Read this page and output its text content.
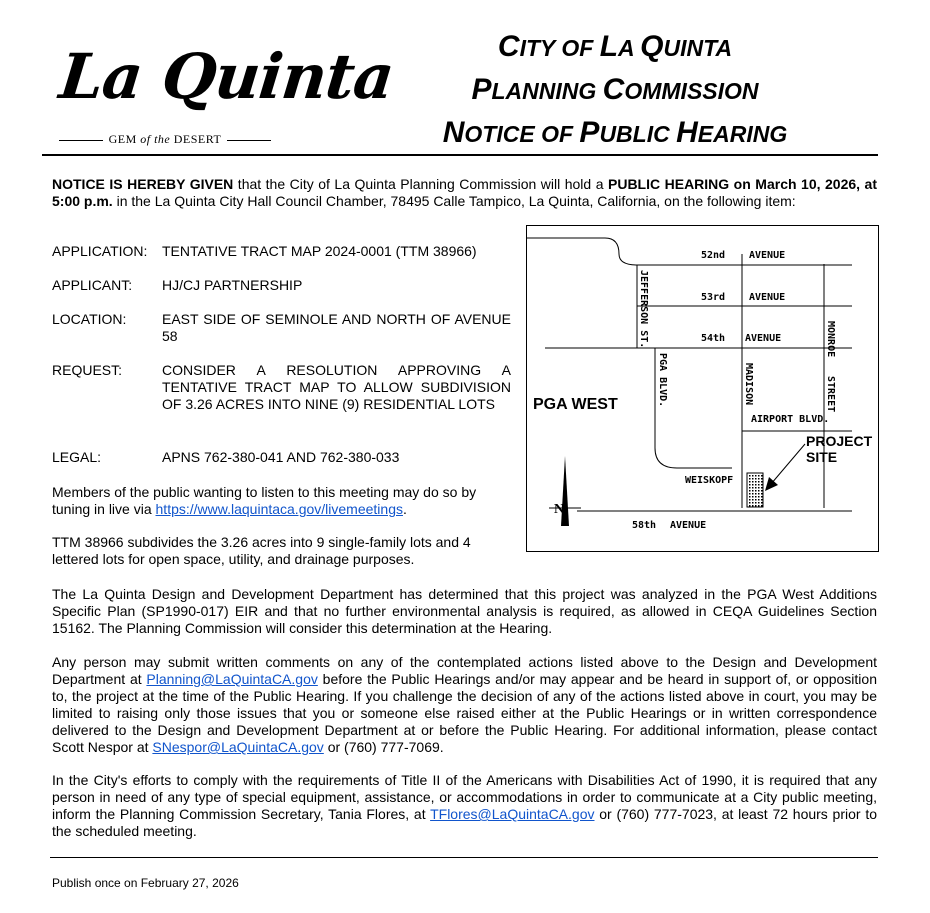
La Quinta
GEM of the DESERT
CITY OF LA QUINTA
PLANNING COMMISSION
NOTICE OF PUBLIC HEARING
NOTICE IS HEREBY GIVEN that the City of La Quinta Planning Commission will hold a PUBLIC HEARING on March 10, 2026, at 5:00 p.m. in the La Quinta City Hall Council Chamber, 78495 Calle Tampico, La Quinta, California, on the following item:
APPLICATION:	TENTATIVE TRACT MAP 2024-0001 (TTM 38966)
APPLICANT:	HJ/CJ PARTNERSHIP
LOCATION:	EAST SIDE OF SEMINOLE AND NORTH OF AVENUE 58
REQUEST:	CONSIDER A RESOLUTION APPROVING A TENTATIVE TRACT MAP TO ALLOW SUBDIVISION OF 3.26 ACRES INTO NINE (9) RESIDENTIAL LOTS
LEGAL:	APNS 762-380-041 AND 762-380-033
Members of the public wanting to listen to this meeting may do so by tuning in live via https://www.laquintaca.gov/livemeetings.
TTM 38966 subdivides the 3.26 acres into 9 single-family lots and 4 lettered lots for open space, utility, and drainage purposes.
N
52nd AVENUE
53rd AVENUE
54th AVENUE
58th AVENUE
AIRPORT BLVD.
WEISKOPF
JEFFERSON ST.
PGA BLVD.	MADISON
MONROE
STREET
PGA WEST
PROJECT
SITE
The La Quinta Design and Development Department has determined that this project was analyzed in the PGA West Additions Specific Plan (SP1990-017) EIR and that no further environmental analysis is required, as allowed in CEQA Guidelines Section 15162. The Planning Commission will consider this determination at the Hearing.
Any person may submit written comments on any of the contemplated actions listed above to the Design and Development Department at Planning@LaQuintaCA.gov before the Public Hearings and/or may appear and be heard in support of, or opposition to, the project at the time of the Public Hearing. If you challenge the decision of any of the actions listed above in court, you may be limited to raising only those issues that you or someone else raised either at the Public Hearings or in written correspondence delivered to the Design and Development Department at or before the Public Hearing. For additional information, please contact Scott Nespor at SNespor@LaQuintaCA.gov or (760) 777-7069.
In the City's efforts to comply with the requirements of Title II of the Americans with Disabilities Act of 1990, it is required that any person in need of any type of special equipment, assistance, or accommodations in order to communicate at a City public meeting, inform the Planning Commission Secretary, Tania Flores, at TFlores@LaQuintaCA.gov or (760) 777-7023, at least 72 hours prior to the scheduled meeting.
Publish once on February 27, 2026
